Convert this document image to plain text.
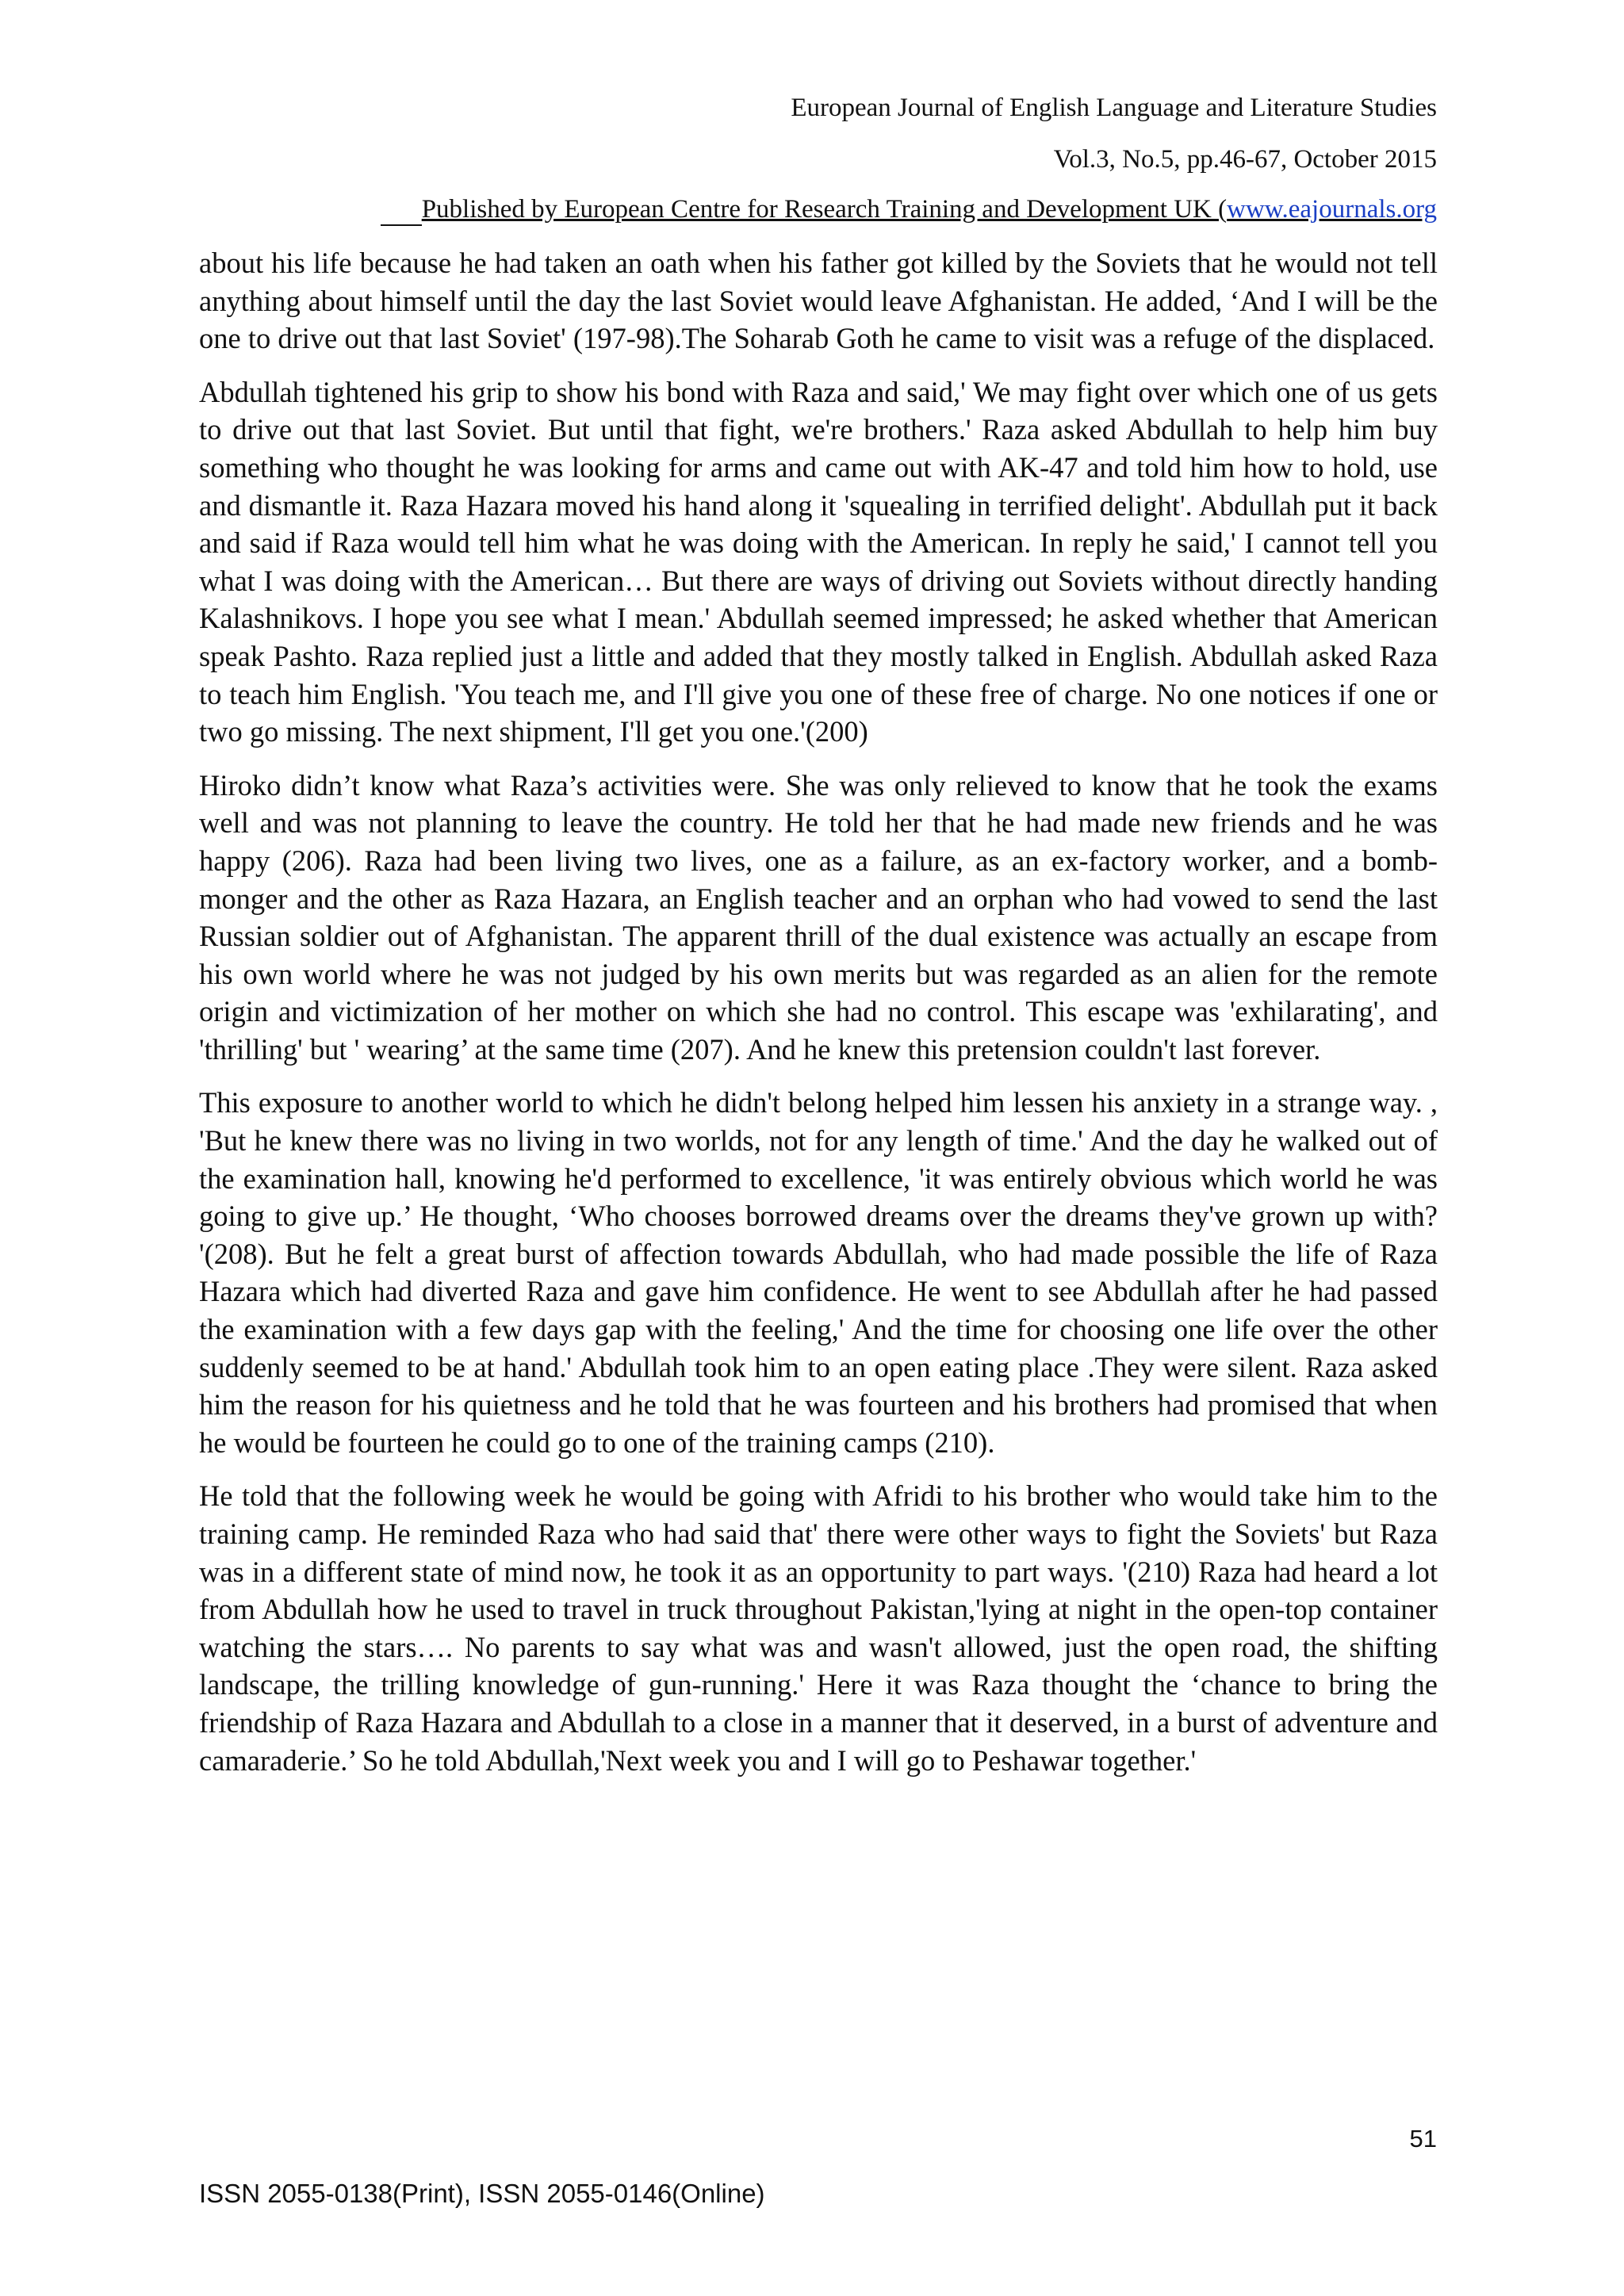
European Journal of English Language and Literature Studies
Vol.3, No.5, pp.46-67, October 2015
Published by European Centre for Research Training and Development UK (www.eajournals.org

about his life because he had taken an oath when his father got killed by the Soviets that he would not tell anything about himself until the day the last Soviet would leave Afghanistan. He added, ‘And I will be the one to drive out that last Soviet' (197-98).The Soharab Goth he came to visit was a refuge of the displaced.

Abdullah tightened his grip to show his bond with Raza and said,' We may fight over which one of us gets to drive out that last Soviet. But until that fight, we're brothers.' Raza asked Abdullah to help him buy something who thought he was looking for arms and came out with AK-47 and told him how to hold, use and dismantle it. Raza Hazara moved his hand along it 'squealing in terrified delight'. Abdullah put it back and said if Raza would tell him what he was doing with the American. In reply he said,' I cannot tell you what I was doing with the American… But there are ways of driving out Soviets without directly handing Kalashnikovs. I hope you see what I mean.' Abdullah seemed impressed; he asked whether that American speak Pashto. Raza replied just a little and added that they mostly talked in English. Abdullah asked Raza to teach him English. 'You teach me, and I'll give you one of these free of charge. No one notices if one or two go missing. The next shipment, I'll get you one.'(200)

Hiroko didn’t know what Raza’s activities were. She was only relieved to know that he took the exams well and was not planning to leave the country. He told her that he had made new friends and he was happy (206). Raza had been living two lives, one as a failure, as an ex-factory worker, and a bomb- monger and the other as Raza Hazara, an English teacher and an orphan who had vowed to send the last Russian soldier out of Afghanistan. The apparent thrill of the dual existence was actually an escape from his own world where he was not judged by his own merits but was regarded as an alien for the remote origin and victimization of her mother on which she had no control. This escape was 'exhilarating', and 'thrilling' but ' wearing’ at the same time (207). And he knew this pretension couldn't last forever.

This exposure to another world to which he didn't belong helped him lessen his anxiety in a strange way. , 'But he knew there was no living in two worlds, not for any length of time.' And the day he walked out of the examination hall, knowing he'd performed to excellence, 'it was entirely obvious which world he was going to give up.’ He thought, ‘Who chooses borrowed dreams over the dreams they've grown up with? '(208). But he felt a great burst of affection towards Abdullah, who had made possible the life of Raza Hazara which had diverted Raza and gave him confidence. He went to see Abdullah after he had passed the examination with a few days gap with the feeling,' And the time for choosing one life over the other suddenly seemed to be at hand.' Abdullah took him to an open eating place .They were silent. Raza asked him the reason for his quietness and he told that he was fourteen and his brothers had promised that when he would be fourteen he could go to one of the training camps (210).

He told that the following week he would be going with Afridi to his brother who would take him to the training camp. He reminded Raza who had said that' there were other ways to fight the Soviets' but Raza was in a different state of mind now, he took it as an opportunity to part ways. '(210) Raza had heard a lot from Abdullah how he used to travel in truck throughout Pakistan,'lying at night in the open-top container watching the stars…. No parents to say what was and wasn't allowed, just the open road, the shifting landscape, the trilling knowledge of gun-running.' Here it was Raza thought the ‘chance to bring the friendship of Raza Hazara and Abdullah to a close in a manner that it deserved, in a burst of adventure and camaraderie.’ So he told Abdullah,'Next week you and I will go to Peshawar together.'

51
ISSN 2055-0138(Print), ISSN 2055-0146(Online)
